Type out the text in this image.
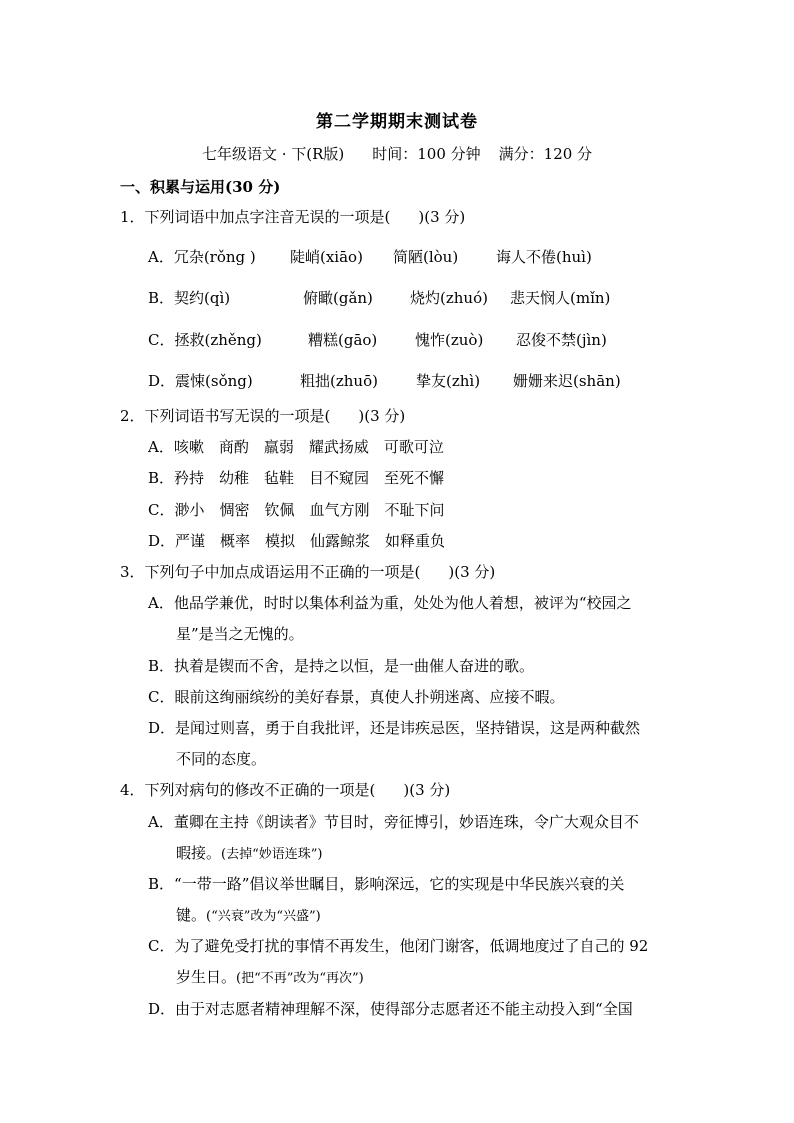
第二学期期末测试卷
七年级语文 · 下(R版) 时间：100 分钟 满分：120 分
一、积累与运用(30 分)
1．下列词语中加点字注音无误的一项是( )(3 分)
A．冗杂(rǒng ) 陡峭(xiāo) 简陋(lòu)	诲人不倦(huì)
B．契约(qì)	俯瞰(gǎn) 烧灼(zhuó) 悲天悯人(mǐn)
C．拯救(zhěng)	糟糕(gāo)	愧怍(zuò) 忍俊不禁(jìn)
D．震悚(sǒng)	粗拙(zhuō)	挚友(zhì) 姗姗来迟(shān)
2．下列词语书写无误的一项是( )(3 分)
A．咳嗽　商酌　羸弱　耀武扬威　可歌可泣
B．矜持　幼稚　毡鞋　目不窥园　至死不懈
C．渺小　惆密　钦佩　血气方刚　不耻下问
D．严谨　概率　模拟　仙露鲸浆　如释重负
3．下列句子中加点成语运用不正确的一项是( )(3 分)
A．他品学兼优，时时以集体利益为重，处处为他人着想，被评为“校园之
星”是当之无愧的。
B．执着是锲而不舍，是持之以恒，是一曲催人奋进的歌。
C．眼前这绚丽缤纷的美好春景，真使人扑朔迷离、应接不暇。
D．是闻过则喜，勇于自我批评，还是讳疾忌医，坚持错误，这是两种截然
不同的态度。
4．下列对病句的修改不正确的一项是( )(3 分)
A．董卿在主持《朗读者》节目时，旁征博引，妙语连珠，令广大观众目不
暇接。(去掉“妙语连珠”)
B．“一带一路”倡议举世瞩目，影响深远，它的实现是中华民族兴衰的关
键。(“兴衰”改为“兴盛”)
C．为了避免受打扰的事情不再发生，他闭门谢客，低调地度过了自己的 92
岁生日。(把“不再”改为“再次”)
D．由于对志愿者精神理解不深，使得部分志愿者还不能主动投入到“全国
